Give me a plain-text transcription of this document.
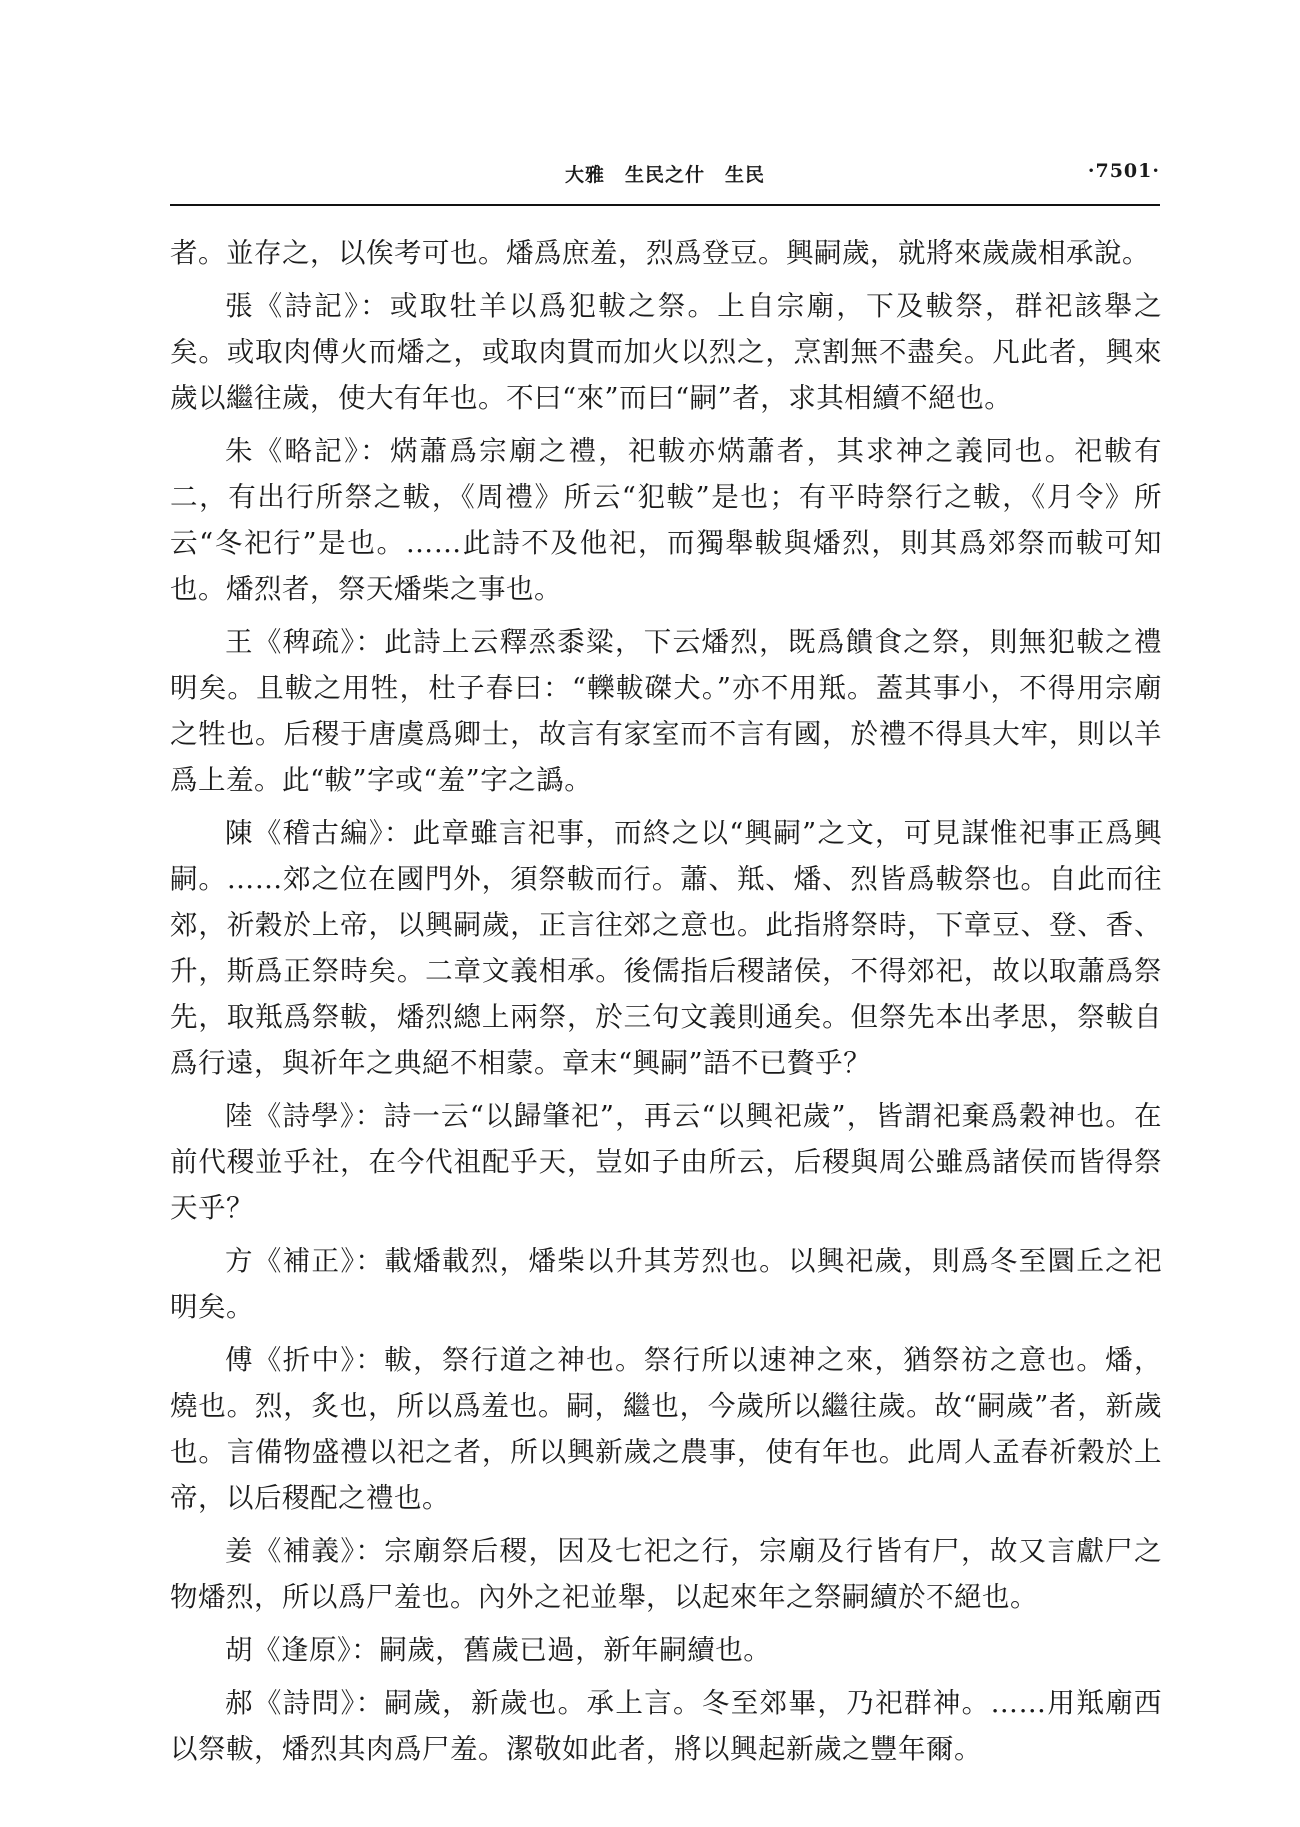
大雅　生民之什　生民	·7501·

者。並存之，以俟考可也。燔爲庶羞，烈爲登豆。興嗣歲，就將來歲歲相承說。

張《詩記》：或取牡羊以爲犯軷之祭。上自宗廟，下及軷祭，群祀該舉之矣。或取肉傅火而燔之，或取肉貫而加火以烈之，烹割無不盡矣。凡此者，興來歲以繼往歲，使大有年也。不曰“來”而曰“嗣”者，求其相續不絕也。

朱《略記》：焫蕭爲宗廟之禮，祀軷亦焫蕭者，其求神之義同也。祀軷有二，有出行所祭之軷，《周禮》所云“犯軷”是也；有平時祭行之軷，《月令》所云“冬祀行”是也。……此詩不及他祀，而獨舉軷與燔烈，則其爲郊祭而軷可知也。燔烈者，祭天燔柴之事也。

王《稗疏》：此詩上云釋烝黍粱，下云燔烈，既爲饋食之祭，則無犯軷之禮明矣。且軷之用牲，杜子春曰：“轢軷磔犬。”亦不用羝。蓋其事小，不得用宗廟之牲也。后稷于唐虞爲卿士，故言有家室而不言有國，於禮不得具大牢，則以羊爲上羞。此“軷”字或“羞”字之譌。

陳《稽古編》：此章雖言祀事，而終之以“興嗣”之文，可見謀惟祀事正爲興嗣。……郊之位在國門外，須祭軷而行。蕭、羝、燔、烈皆爲軷祭也。自此而往郊，祈穀於上帝，以興嗣歲，正言往郊之意也。此指將祭時，下章豆、登、香、升，斯爲正祭時矣。二章文義相承。後儒指后稷諸侯，不得郊祀，故以取蕭爲祭先，取羝爲祭軷，燔烈總上兩祭，於三句文義則通矣。但祭先本出孝思，祭軷自爲行遠，與祈年之典絕不相蒙。章末“興嗣”語不已贅乎？

陸《詩學》：詩一云“以歸肇祀”，再云“以興祀歲”，皆謂祀棄爲穀神也。在前代稷並乎社，在今代祖配乎天，豈如子由所云，后稷與周公雖爲諸侯而皆得祭天乎？

方《補正》：載燔載烈，燔柴以升其芳烈也。以興祀歲，則爲冬至圜丘之祀明矣。

傅《折中》：軷，祭行道之神也。祭行所以速神之來，猶祭祊之意也。燔，燒也。烈，炙也，所以爲羞也。嗣，繼也，今歲所以繼往歲。故“嗣歲”者，新歲也。言備物盛禮以祀之者，所以興新歲之農事，使有年也。此周人孟春祈穀於上帝，以后稷配之禮也。

姜《補義》：宗廟祭后稷，因及七祀之行，宗廟及行皆有尸，故又言獻尸之物燔烈，所以爲尸羞也。內外之祀並舉，以起來年之祭嗣續於不絕也。

胡《逢原》：嗣歲，舊歲已過，新年嗣續也。

郝《詩問》：嗣歲，新歲也。承上言。冬至郊畢，乃祀群神。……用羝廟西以祭軷，燔烈其肉爲尸羞。潔敬如此者，將以興起新歲之豐年爾。
